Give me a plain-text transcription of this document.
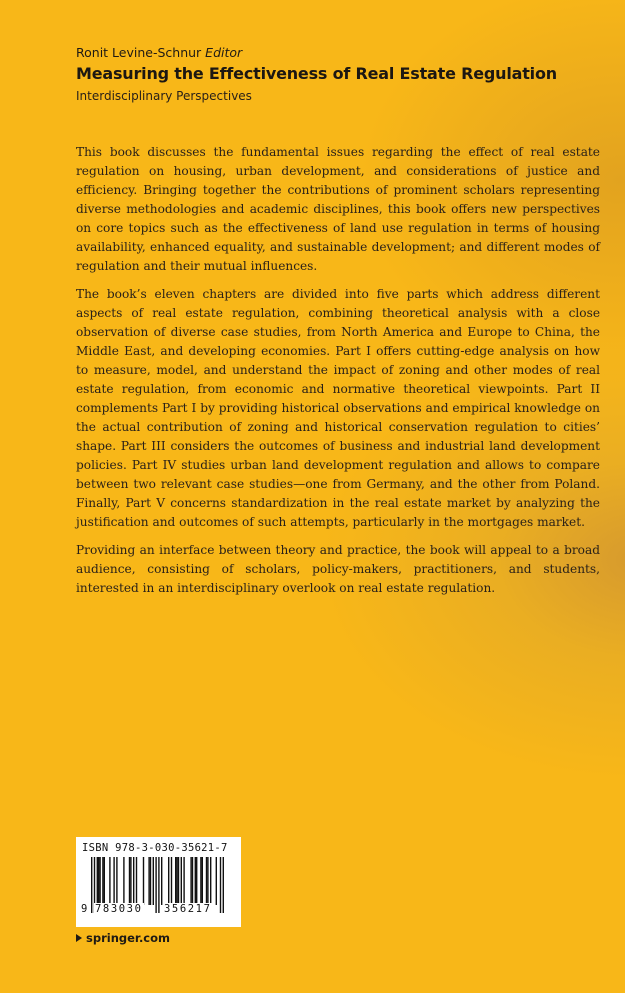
Ronit Levine-Schnur Editor
Measuring the Effectiveness of Real Estate Regulation
Interdisciplinary Perspectives

This book discusses the fundamental issues regarding the effect of real estate regulation on housing, urban development, and considerations of justice and efficiency. Bringing together the contributions of prominent scholars representing diverse methodologies and academic disciplines, this book offers new perspectives on core topics such as the effectiveness of land use regulation in terms of housing availability, enhanced equality, and sustainable development; and different modes of regulation and their mutual influences.

The book’s eleven chapters are divided into five parts which address different aspects of real estate regulation, combining theoretical analysis with a close observation of diverse case studies, from North America and Europe to China, the Middle East, and developing economies. Part I offers cutting-edge analysis on how to measure, model, and understand the impact of zoning and other modes of real estate regulation, from economic and normative theoretical viewpoints. Part II complements Part I by providing historical observations and empirical knowledge on the actual contribution of zoning and historical conservation regulation to cities’ shape. Part III considers the outcomes of business and industrial land development policies. Part IV studies urban land development regulation and allows to compare between two relevant case studies—one from Germany, and the other from Poland. Finally, Part V concerns standardization in the real estate market by analyzing the justification and outcomes of such attempts, particularly in the mortgages market.

Providing an interface between theory and practice, the book will appeal to a broad audience, consisting of scholars, policy-makers, practitioners, and students, interested in an interdisciplinary overlook on real estate regulation.

ISBN 978-3-030-35621-7
9 783030 356217
springer.com
